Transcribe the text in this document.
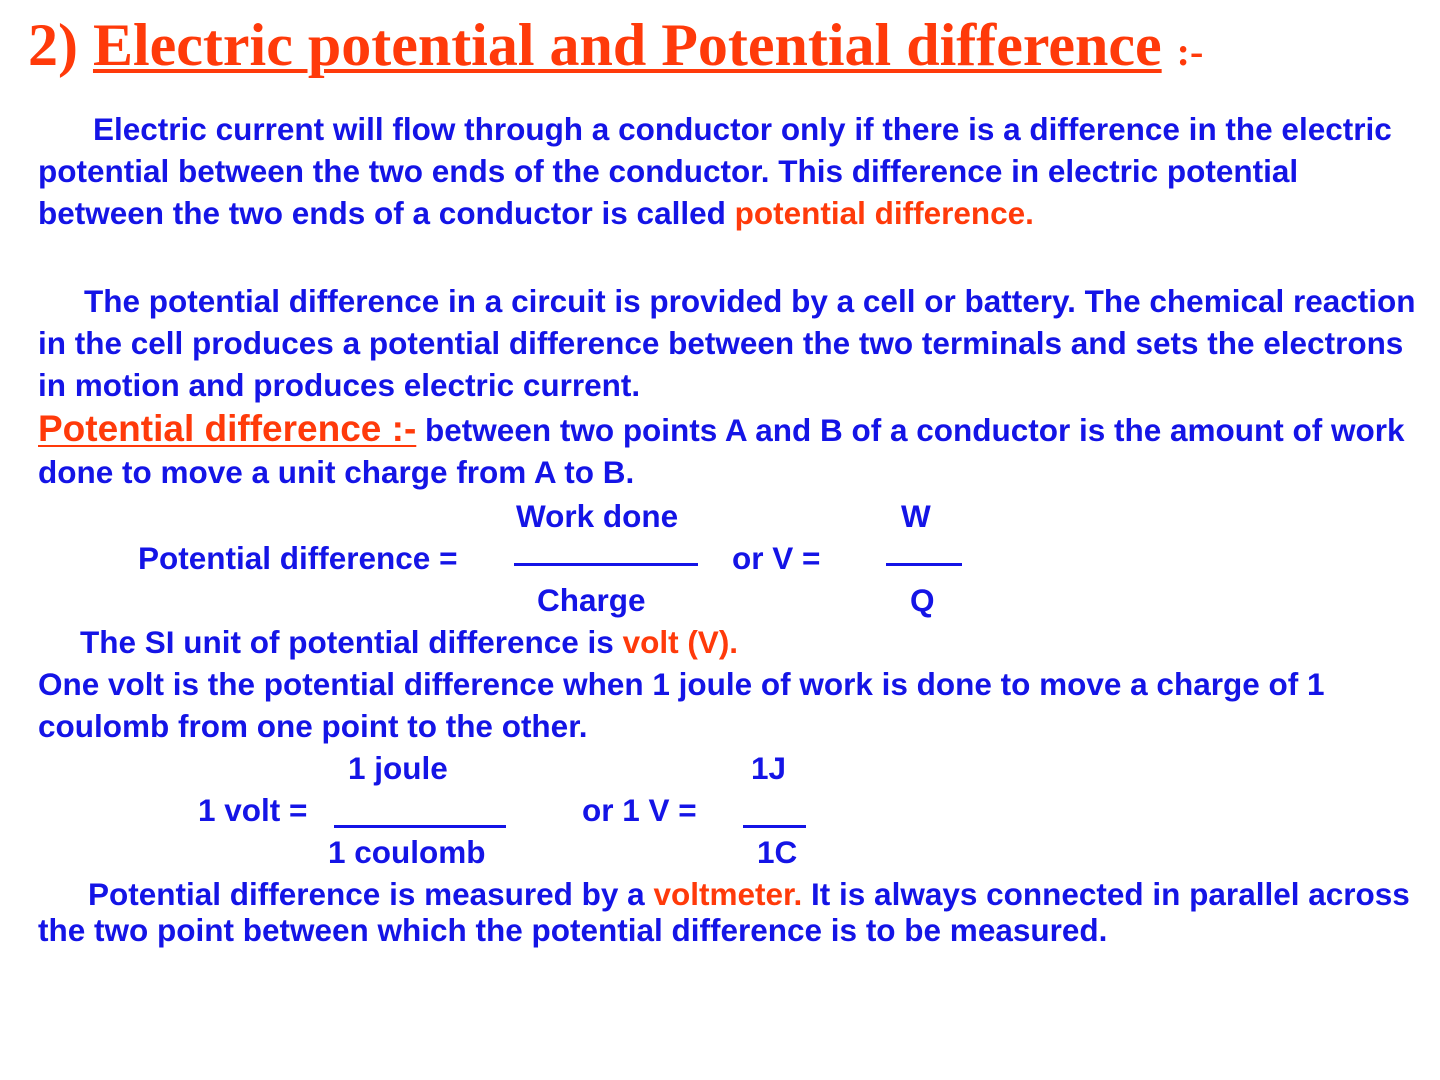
2) Electric potential and Potential difference :-
Electric current will flow through a conductor only if there is a difference in the electric potential between the two ends of the conductor. This difference in electric potential between the two ends of a conductor is called potential difference.
The potential difference in a circuit is provided by a cell or battery. The chemical reaction in the cell produces a potential difference between the two terminals and sets the electrons in motion and produces electric current.
Potential difference :- between two points A and B of a conductor is the amount of work done to move a unit charge from A to B.
Work done	W
Potential difference =	or V =
Charge	Q
The SI unit of potential difference is volt (V).
One volt is the potential difference when 1 joule of work is done to move a charge of 1 coulomb from one point to the other.
1 joule	1J
1 volt =	or 1 V =
1 coulomb	1C
Potential difference is measured by a voltmeter. It is always connected in parallel across the two point between which the potential difference is to be measured.
